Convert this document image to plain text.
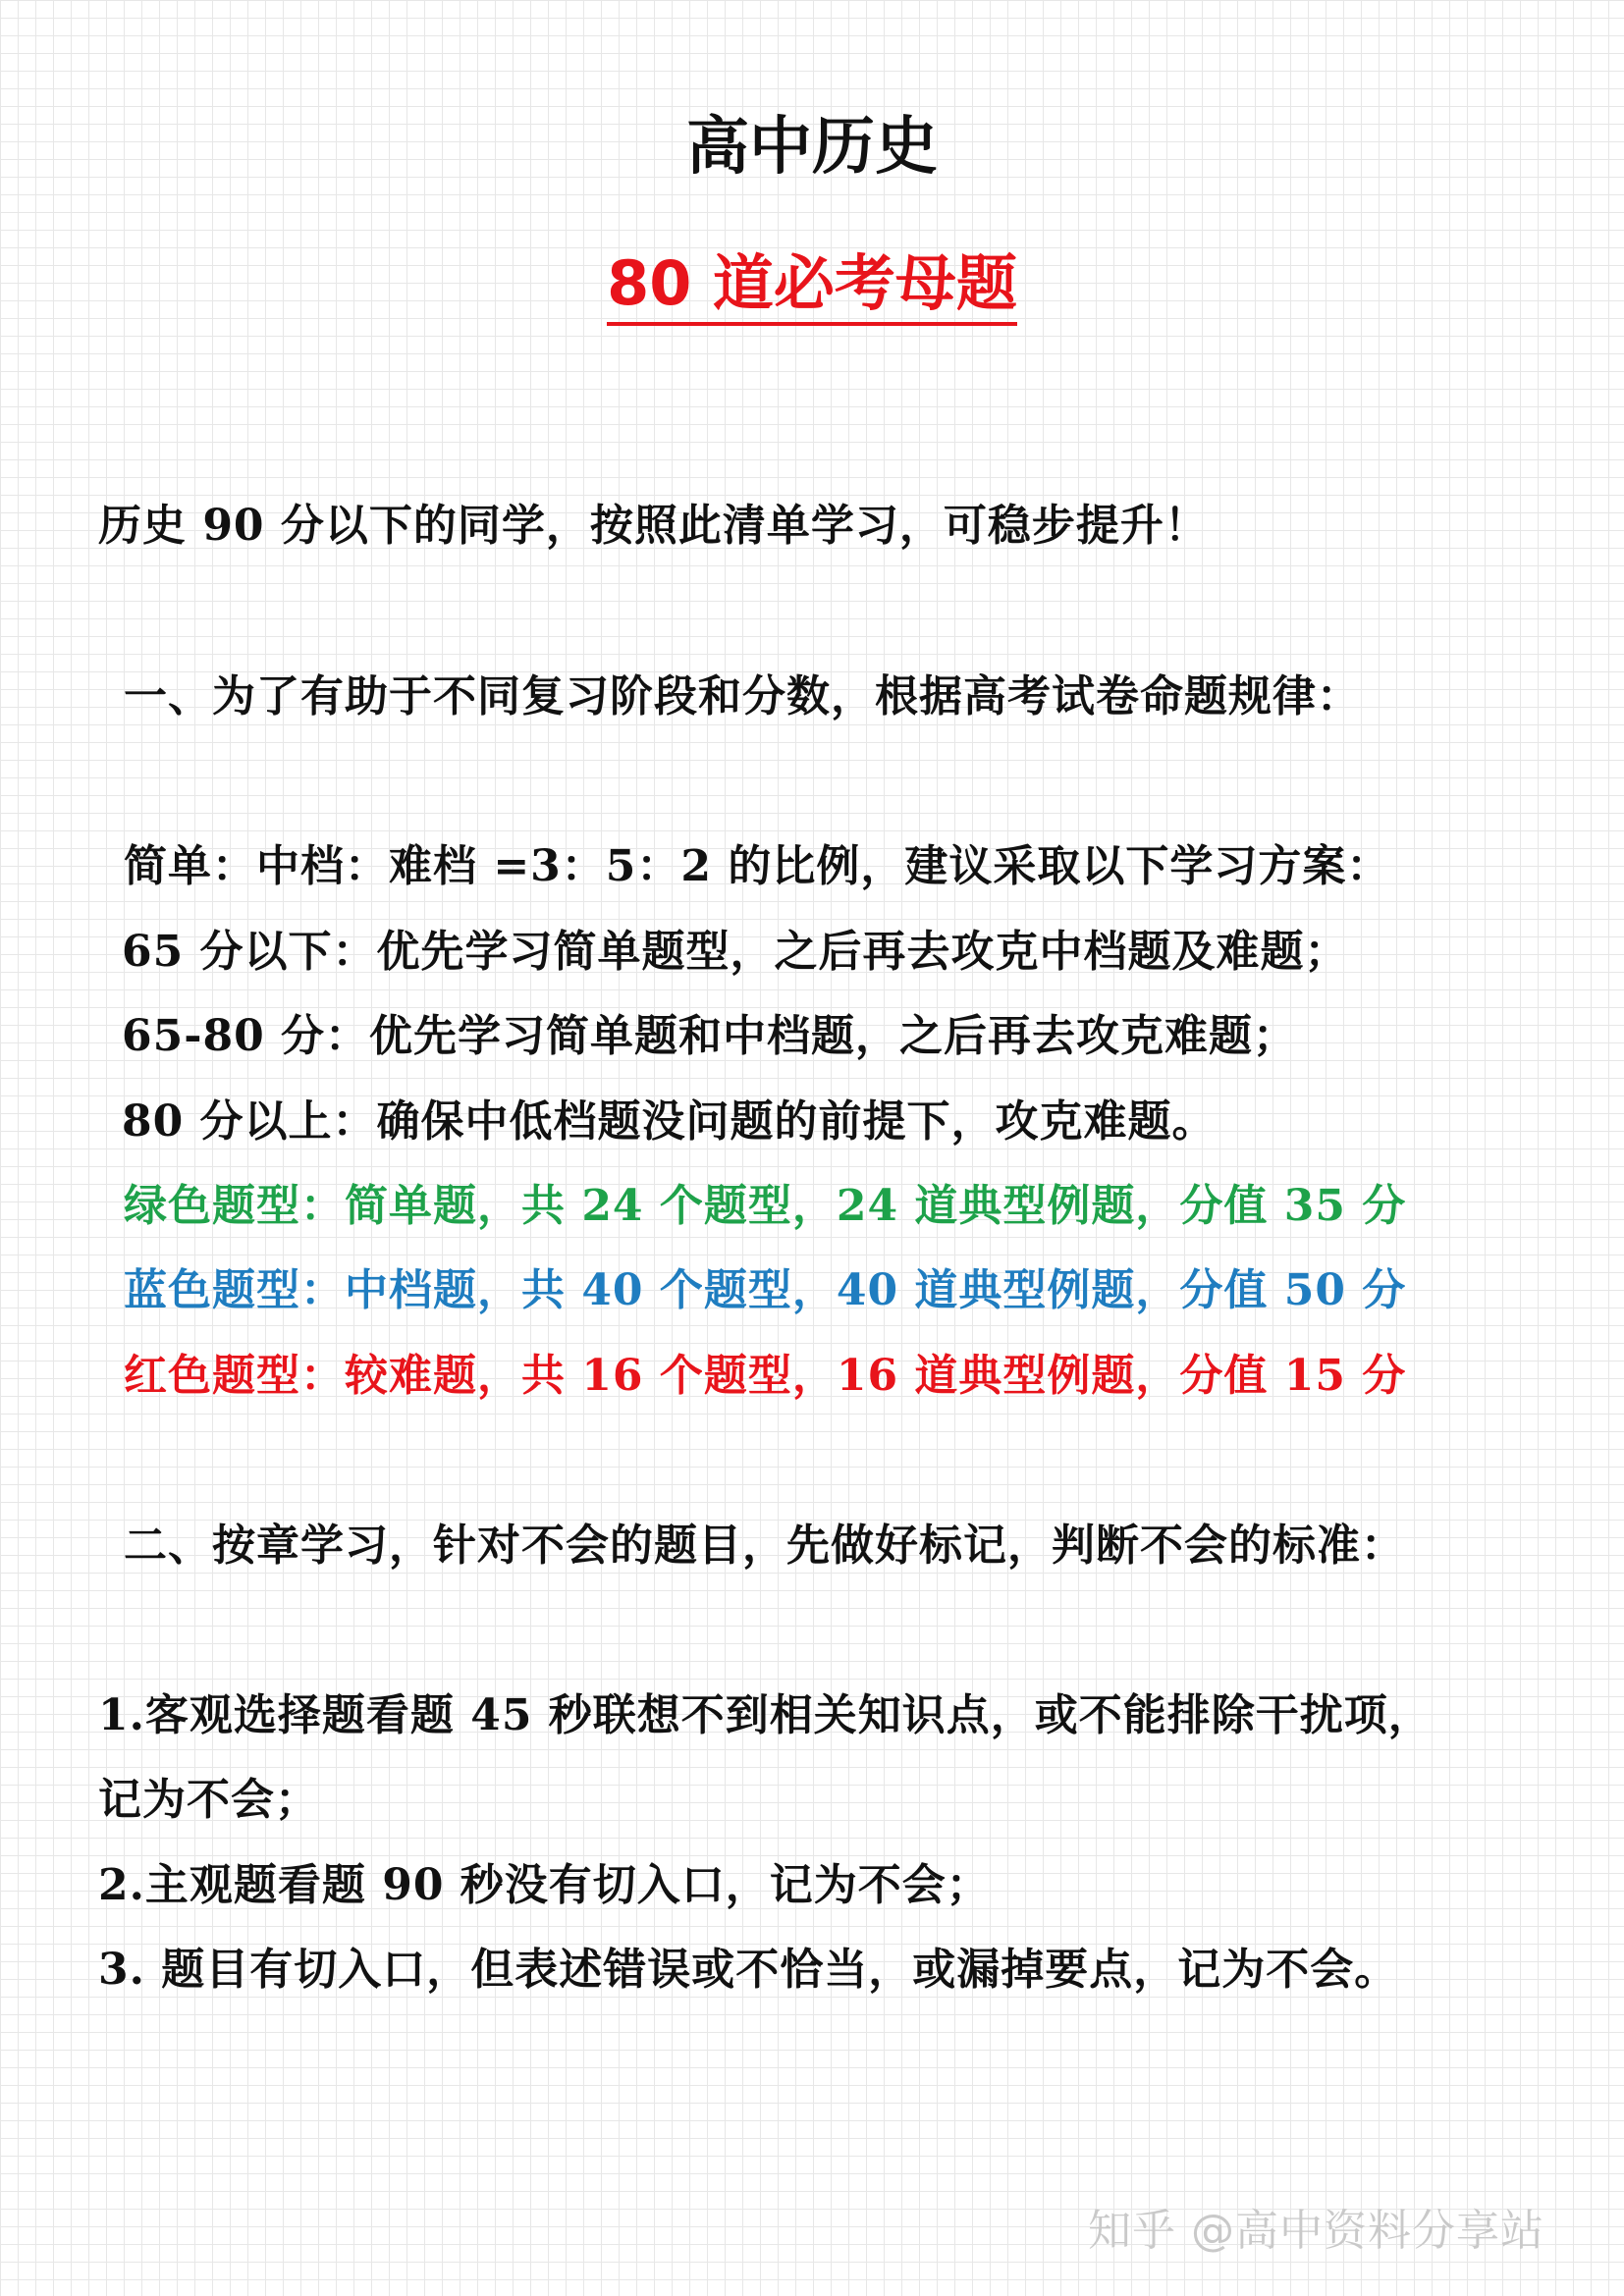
高中历史
80 道必考母题
历史 90 分以下的同学，按照此清单学习，可稳步提升！
一、为了有助于不同复习阶段和分数，根据高考试卷命题规律：
简单：中档：难档 =3：5：2 的比例，建议采取以下学习方案：
65 分以下：优先学习简单题型，之后再去攻克中档题及难题；
65-80 分：优先学习简单题和中档题，之后再去攻克难题；
80 分以上：确保中低档题没问题的前提下，攻克难题。
绿色题型：简单题，共 24 个题型，24 道典型例题，分值 35 分
蓝色题型：中档题，共 40 个题型，40 道典型例题，分值 50 分
红色题型：较难题，共 16 个题型，16 道典型例题，分值 15 分
二、按章学习，针对不会的题目，先做好标记，判断不会的标准：
1.客观选择题看题 45 秒联想不到相关知识点，或不能排除干扰项，
记为不会；
2.主观题看题 90 秒没有切入口，记为不会；
3. 题目有切入口，但表述错误或不恰当，或漏掉要点，记为不会。
知乎 @高中资料分享站
